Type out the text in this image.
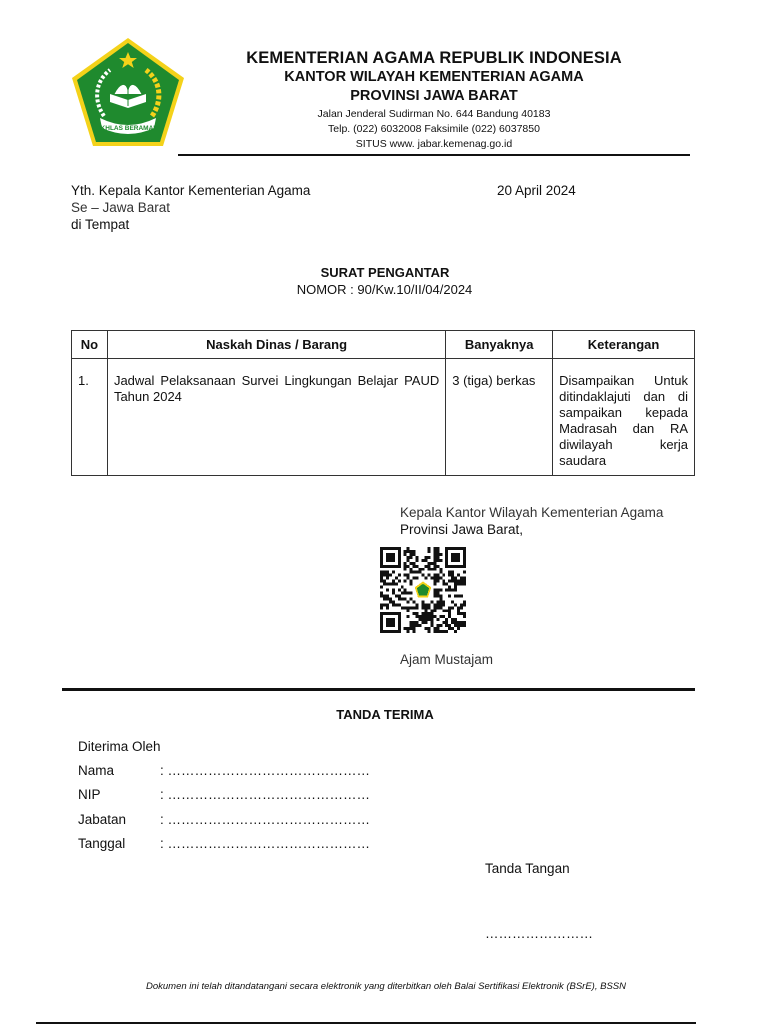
IKHLAS BERAMAL
KEMENTERIAN AGAMA REPUBLIK INDONESIA
KANTOR WILAYAH KEMENTERIAN AGAMA
PROVINSI JAWA BARAT
Jalan Jenderal Sudirman No. 644 Bandung 40183
Telp. (022) 6032008 Faksimile (022) 6037850
SITUS www. jabar.kemenag.go.id
Yth. Kepala Kantor Kementerian Agama
Se – Jawa Barat
di Tempat
20 April 2024
SURAT PENGANTAR
NOMOR : 90/Kw.10/II/04/2024
No	Naskah Dinas / Barang	Banyaknya	Keterangan
1.	Jadwal Pelaksanaan Survei Lingkungan Belajar PAUD Tahun 2024	3 (tiga) berkas	Disampaikan Untuk ditindaklajuti dan di sampaikan kepada Madrasah dan RA diwilayah kerja saudara
Kepala Kantor Wilayah Kementerian Agama
Provinsi Jawa Barat,
Ajam Mustajam
TANDA TERIMA
Diterima Oleh
Nama	: ………………………………………
NIP	: ………………………………………
Jabatan	: ………………………………………
Tanggal	: ………………………………………
Tanda Tangan
……………………
Dokumen ini telah ditandatangani secara elektronik yang diterbitkan oleh Balai Sertifikasi Elektronik (BSrE), BSSN
